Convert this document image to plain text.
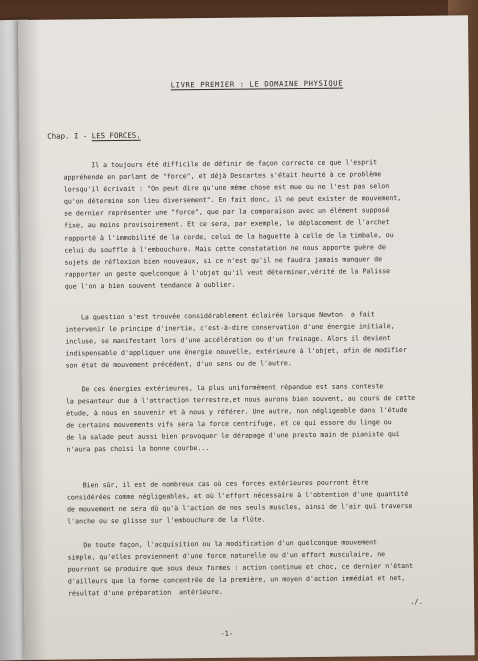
LIVRE PREMIER : LE DOMAINE PHYSIQUE
Chap. I - LES FORCES.

Il a toujours été difficile de définir de façon correcte ce que l'esprit
appréhende en parlant de "force", et déjà Descartes s'était heurté à ce problème
lorsqu'il écrivait : "On peut dire qu'une même chose est mue ou ne l'est pas selon
qu'on détermine son lieu diversement". En fait donc, il ne peut exister de mouvement,
se dernier représenter une "force", que par la comparaison avec un élément supposé
fixe, au moins provisoirement. Et ce sera, par exemple, le déplacement de l'archet
rapporté à l'immobilité de la corde, celui de la baguette à celle de la timbale, ou
celui du souffle à l'embouchure. Mais cette constatation ne nous apporte guère de
sujets de réflexion bien nouveaux, si ce n'est qu'il ne faudra jamais manquer de
rapporter un geste quelconque à l'objet qu'il veut déterminer,vérité de la Palisse
que l'on a bien souvent tendance à oublier.

La question s'est trouvée considérablement éclairée lorsque Newton  a fait
intervenir le principe d'inertie, c'est-à-dire conservation d'une énergie initiale,
incluse, se manifestant lors d'une accélération ou d'un freinage. Alors il devient
indispensable d'appliquer une énergie nouvelle, extérieure à l'objet, afin de modifier
son état de mouvement précédent, d'un sens ou de l'autre.

De ces énergies extérieures, la plus uniformément répandue est sans conteste
la pesanteur due à l'attraction terrestre,et nous aurons bien souvent, au cours de cette
étude, à nous en souvenir et à nous y référer. Une autre, non négligeable dans l'étude
de certains mouvements vifs sera la force centrifuge, et ce qui essore du linge ou
de la salade peut aussi bien provoquer le dérapage d'une presto main de pianiste qui
n'aura pas choisi la bonne courbe...

Bien sûr, il est de nombreux cas où ces forces extérieures pourront être
considérées comme négligeables, et où l'effort nécessaire à l'obtention d'une quantité
de mouvement ne sera dû qu'à l'action de nos seuls muscles, ainsi de l'air qui traverse
l'anche ou se glisse sur l'embouchure de la flûte.

De toute façon, l'acquisition ou la modification d'un quelconque mouvement
simple, qu'elles proviennent d'une force naturelle ou d'un effort musculaire, ne
pourront se produire que sous deux formes : action continue et choc, ce dernier n'étant
d'ailleurs que la forme concentrée de la première, un moyen d'action immédiat et net,
résultat d'une préparation  antérieure.

./.
-1-
